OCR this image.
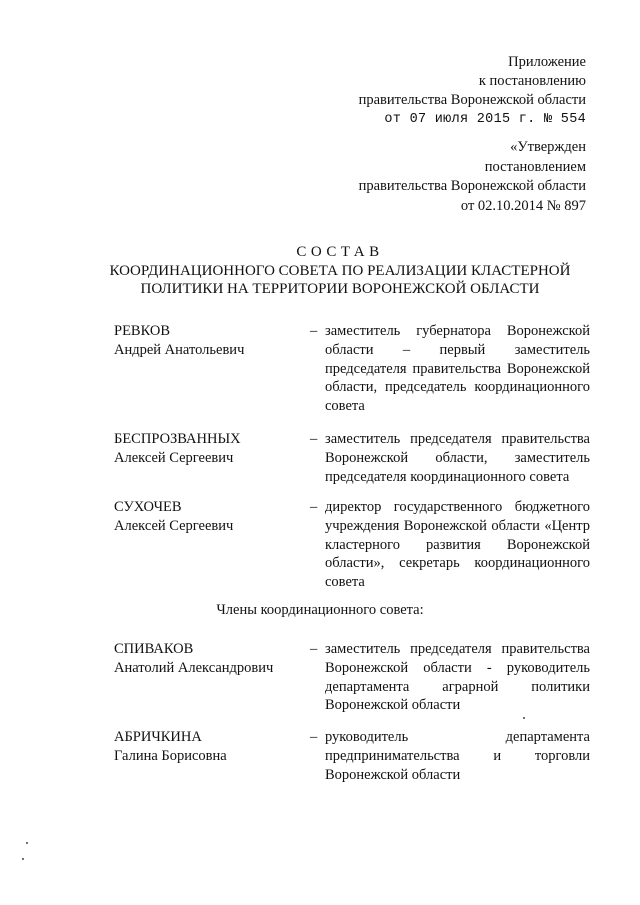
Приложение
к постановлению
правительства Воронежской области
от 07 июля 2015 г. № 554
«Утвержден
постановлением
правительства Воронежской области
от 02.10.2014 № 897
СОСТАВ
КООРДИНАЦИОННОГО СОВЕТА ПО РЕАЛИЗАЦИИ КЛАСТЕРНОЙ
ПОЛИТИКИ НА ТЕРРИТОРИИ ВОРОНЕЖСКОЙ ОБЛАСТИ
РЕВКОВ
Андрей Анатольевич
– заместитель губернатора Воронежской области – первый заместитель председателя правительства Воронежской области, председатель координационного совета
БЕСПРОЗВАННЫХ
Алексей Сергеевич
– заместитель председателя правительства Воронежской области, заместитель председателя координационного совета
СУХОЧЕВ
Алексей Сергеевич
– директор государственного бюджетного учреждения Воронежской области «Центр кластерного развития Воронежской области», секретарь координационного совета
Члены координационного совета:
СПИВАКОВ
Анатолий Александрович
– заместитель председателя правительства Воронежской области - руководитель департамента аграрной политики Воронежской области
АБРИЧКИНА
Галина Борисовна
– руководитель департамента предпринимательства и торговли Воронежской области
